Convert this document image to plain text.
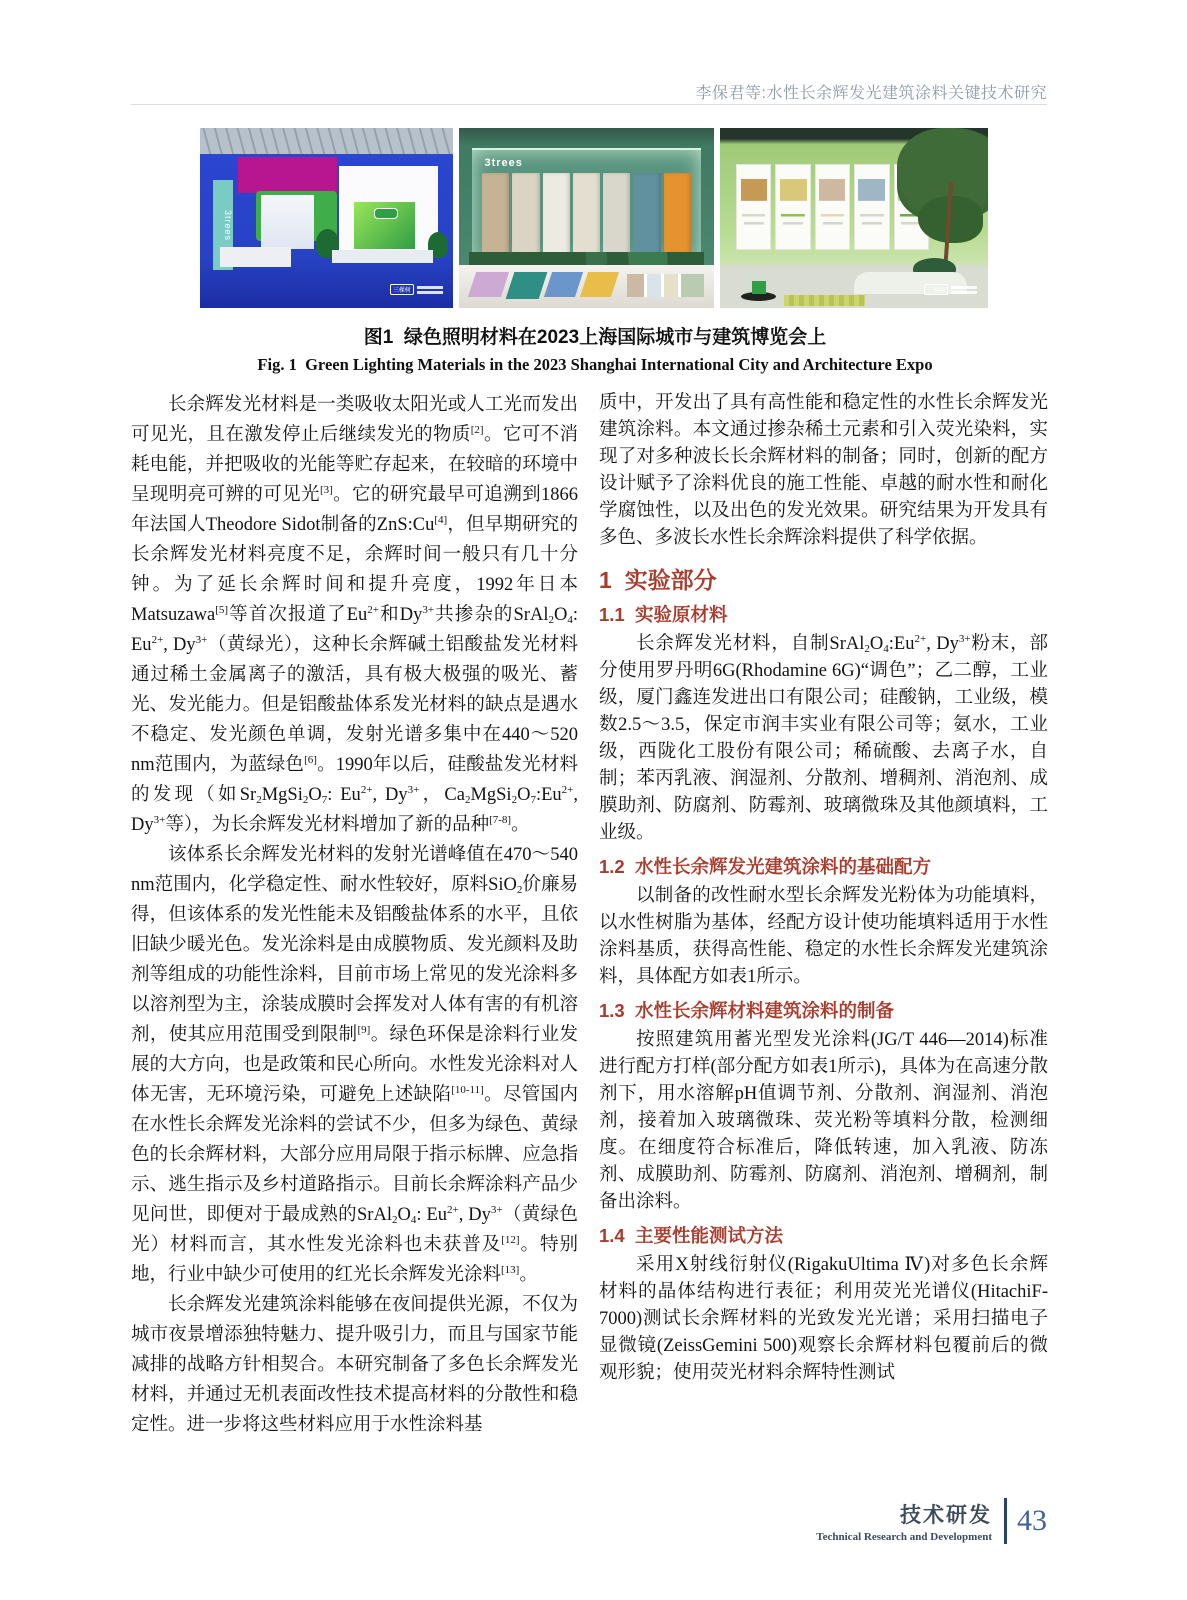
李保君等:水性长余辉发光建筑涂料关键技术研究
3trees
三棵树
3trees
三棵树
图1  绿色照明材料在2023上海国际城市与建筑博览会上
Fig. 1  Green Lighting Materials in the 2023 Shanghai International City and Architecture Expo
长余辉发光材料是一类吸收太阳光或人工光而发出可见光，且在激发停止后继续发光的物质[2]。它可不消耗电能，并把吸收的光能等贮存起来，在较暗的环境中呈现明亮可辨的可见光[3]。它的研究最早可追溯到1866年法国人Theodore Sidot制备的ZnS:Cu[4]，但早期研究的长余辉发光材料亮度不足，余辉时间一般只有几十分钟。为了延长余辉时间和提升亮度，1992年日本Matsuzawa[5]等首次报道了$Eu^{2+}$和$Dy^{3+}$共掺杂的$SrAl_2O_4$: $Eu^{2+}$, $Dy^{3+}$（黄绿光），这种长余辉碱土铝酸盐发光材料通过稀土金属离子的激活，具有极大极强的吸光、蓄光、发光能力。但是铝酸盐体系发光材料的缺点是遇水不稳定、发光颜色单调，发射光谱多集中在440～520 nm范围内，为蓝绿色[6]。1990年以后，硅酸盐发光材料的发现（如$Sr_2MgSi_2O_7$: $Eu^{2+}$, $Dy^{3+}$，$Ca_2MgSi_2O_7:Eu^{2+}$, $Dy^{3+}$等），为长余辉发光材料增加了新的品种[7-8]。
该体系长余辉发光材料的发射光谱峰值在470～540 nm范围内，化学稳定性、耐水性较好，原料SiO$_2$价廉易得，但该体系的发光性能未及铝酸盐体系的水平，且依旧缺少暖光色。发光涂料是由成膜物质、发光颜料及助剂等组成的功能性涂料，目前市场上常见的发光涂料多以溶剂型为主，涂装成膜时会挥发对人体有害的有机溶剂，使其应用范围受到限制[9]。绿色环保是涂料行业发展的大方向，也是政策和民心所向。水性发光涂料对人体无害，无环境污染，可避免上述缺陷[10-11]。尽管国内在水性长余辉发光涂料的尝试不少，但多为绿色、黄绿色的长余辉材料，大部分应用局限于指示标牌、应急指示、逃生指示及乡村道路指示。目前长余辉涂料产品少见问世，即便对于最成熟的$SrAl_2O_4$: $Eu^{2+}$, $Dy^{3+}$（黄绿色光）材料而言，其水性发光涂料也未获普及[12]。特别地，行业中缺少可使用的红光长余辉发光涂料[13]。
长余辉发光建筑涂料能够在夜间提供光源，不仅为城市夜景增添独特魅力、提升吸引力，而且与国家节能减排的战略方针相契合。本研究制备了多色长余辉发光材料，并通过无机表面改性技术提高材料的分散性和稳定性。进一步将这些材料应用于水性涂料基
质中，开发出了具有高性能和稳定性的水性长余辉发光建筑涂料。本文通过掺杂稀土元素和引入荧光染料，实现了对多种波长长余辉材料的制备；同时，创新的配方设计赋予了涂料优良的施工性能、卓越的耐水性和耐化学腐蚀性，以及出色的发光效果。研究结果为开发具有多色、多波长水性长余辉涂料提供了科学依据。
1  实验部分
1.1  实验原材料
长余辉发光材料，自制$SrAl_2O_4:Eu^{2+}$, $Dy^{3+}$粉末，部分使用罗丹明6G(Rhodamine 6G)“调色”；乙二醇，工业级，厦门鑫连发进出口有限公司；硅酸钠，工业级，模数2.5～3.5，保定市润丰实业有限公司等；氨水，工业级，西陇化工股份有限公司；稀硫酸、去离子水，自制；苯丙乳液、润湿剂、分散剂、增稠剂、消泡剂、成膜助剂、防腐剂、防霉剂、玻璃微珠及其他颜填料，工业级。
1.2  水性长余辉发光建筑涂料的基础配方
以制备的改性耐水型长余辉发光粉体为功能填料，以水性树脂为基体，经配方设计使功能填料适用于水性涂料基质，获得高性能、稳定的水性长余辉发光建筑涂料，具体配方如表1所示。
1.3  水性长余辉材料建筑涂料的制备
按照建筑用蓄光型发光涂料(JG/T 446—2014)标准进行配方打样(部分配方如表1所示)，具体为在高速分散剂下，用水溶解pH值调节剂、分散剂、润湿剂、消泡剂，接着加入玻璃微珠、荧光粉等填料分散，检测细度。在细度符合标准后，降低转速，加入乳液、防冻剂、成膜助剂、防霉剂、防腐剂、消泡剂、增稠剂，制备出涂料。
1.4  主要性能测试方法
采用X射线衍射仪(RigakuUltima Ⅳ)对多色长余辉材料的晶体结构进行表征；利用荧光光谱仪(HitachiF-7000)测试长余辉材料的光致发光光谱；采用扫描电子显微镜(ZeissGemini 500)观察长余辉材料包覆前后的微观形貌；使用荧光材料余辉特性测试
技术研发
Technical Research and Development 43
